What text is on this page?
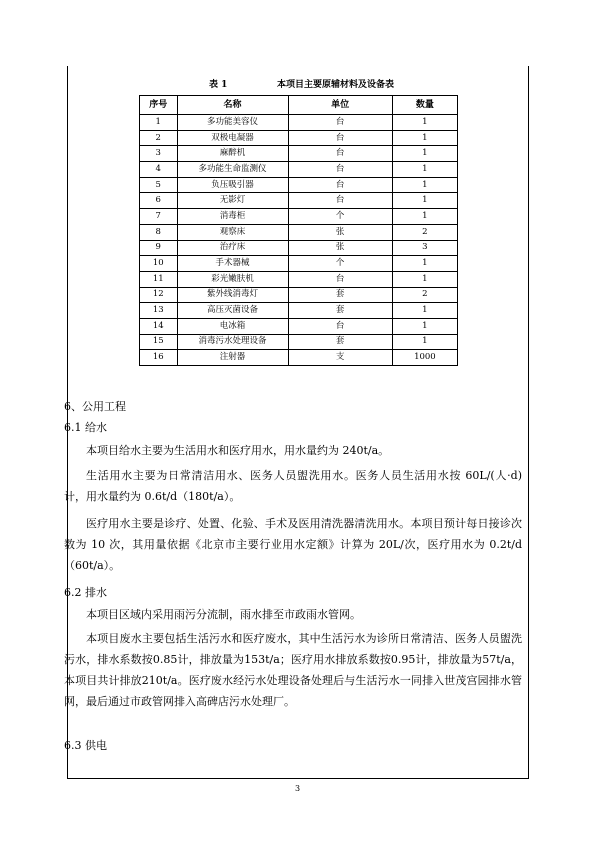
表 1	本项目主要原辅材料及设备表
序号	名称	单位	数量
1	多功能美容仪	台	1
2	双极电凝器	台	1
3	麻醉机	台	1
4	多功能生命监测仪	台	1
5	负压吸引器	台	1
6	无影灯	台	1
7	消毒柜	个	1
8	观察床	张	2
9	治疗床	张	3
10	手术器械	个	1
11	彩光嫩肤机	台	1
12	紫外线消毒灯	套	2
13	高压灭菌设备	套	1
14	电冰箱	台	1
15	消毒污水处理设备	套	1
16	注射器	支	1000
6、公用工程
6.1 给水
本项目给水主要为生活用水和医疗用水，用水量约为 240t/a。
生活用水主要为日常清洁用水、医务人员盥洗用水。医务人员生活用水按 60L/(人·d) 计，用水量约为 0.6t/d（180t/a）。
医疗用水主要是诊疗、处置、化验、手术及医用清洗器清洗用水。本项目预计每日接诊次数为 10 次，其用量依据《北京市主要行业用水定额》计算为 20L/次，医疗用水为 0.2t/d（60t/a）。
6.2 排水
本项目区域内采用雨污分流制，雨水排至市政雨水管网。
本项目废水主要包括生活污水和医疗废水，其中生活污水为诊所日常清洁、医务人员盥洗污水，排水系数按0.85计，排放量为153t/a；医疗用水排放系数按0.95计，排放量为57t/a，本项目共计排放210t/a。医疗废水经污水处理设备处理后与生活污水一同排入世茂宫园排水管网，最后通过市政管网排入高碑店污水处理厂。
6.3 供电
3
